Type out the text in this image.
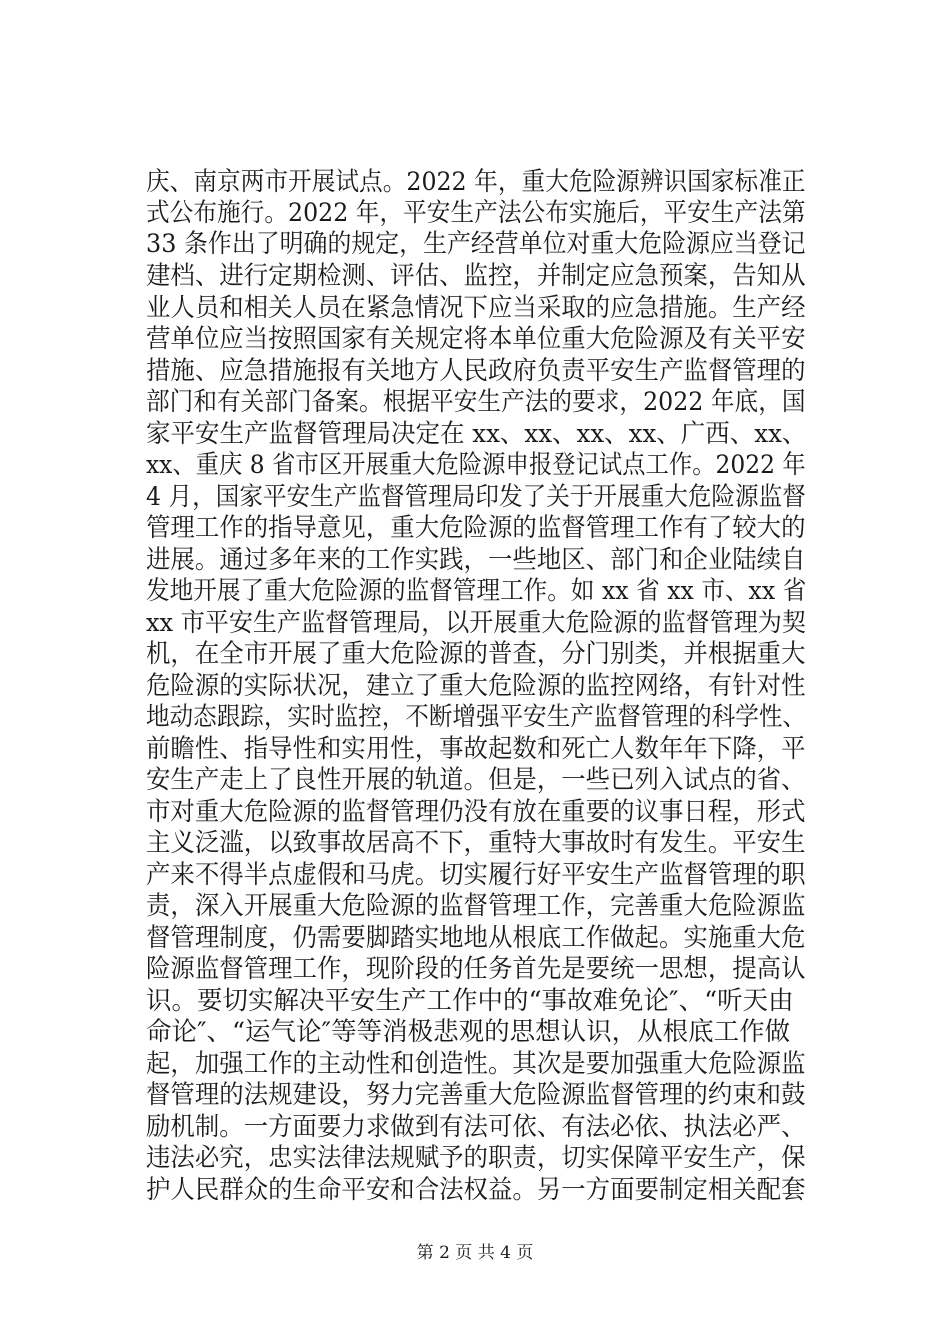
庆、南京两市开展试点。2022 年，重大危险源辨识国家标准正
式公布施行。2022 年，平安生产法公布实施后，平安生产法第
33 条作出了明确的规定，生产经营单位对重大危险源应当登记
建档、进行定期检测、评估、监控，并制定应急预案，告知从
业人员和相关人员在紧急情况下应当采取的应急措施。生产经
营单位应当按照国家有关规定将本单位重大危险源及有关平安
措施、应急措施报有关地方人民政府负责平安生产监督管理的
部门和有关部门备案。根据平安生产法的要求，2022 年底，国
家平安生产监督管理局决定在 xx、xx、xx、xx、广西、xx、
xx、重庆 8 省市区开展重大危险源申报登记试点工作。2022 年
4 月，国家平安生产监督管理局印发了关于开展重大危险源监督
管理工作的指导意见，重大危险源的监督管理工作有了较大的
进展。通过多年来的工作实践，一些地区、部门和企业陆续自
发地开展了重大危险源的监督管理工作。如 xx 省 xx 市、xx 省
xx 市平安生产监督管理局，以开展重大危险源的监督管理为契
机，在全市开展了重大危险源的普查，分门别类，并根据重大
危险源的实际状况，建立了重大危险源的监控网络，有针对性
地动态跟踪，实时监控，不断增强平安生产监督管理的科学性、
前瞻性、指导性和实用性，事故起数和死亡人数年年下降，平
安生产走上了良性开展的轨道。但是，一些已列入试点的省、
市对重大危险源的监督管理仍没有放在重要的议事日程，形式
主义泛滥，以致事故居高不下，重特大事故时有发生。平安生
产来不得半点虚假和马虎。切实履行好平安生产监督管理的职
责，深入开展重大危险源的监督管理工作，完善重大危险源监
督管理制度，仍需要脚踏实地地从根底工作做起。实施重大危
险源监督管理工作，现阶段的任务首先是要统一思想，提高认
识。要切实解决平安生产工作中的“事故难免论″、“听天由
命论″、“运气论″等等消极悲观的思想认识，从根底工作做
起，加强工作的主动性和创造性。其次是要加强重大危险源监
督管理的法规建设，努力完善重大危险源监督管理的约束和鼓
励机制。一方面要力求做到有法可依、有法必依、执法必严、
违法必究，忠实法律法规赋予的职责，切实保障平安生产，保
护人民群众的生命平安和合法权益。另一方面要制定相关配套
第 2 页 共 4 页
